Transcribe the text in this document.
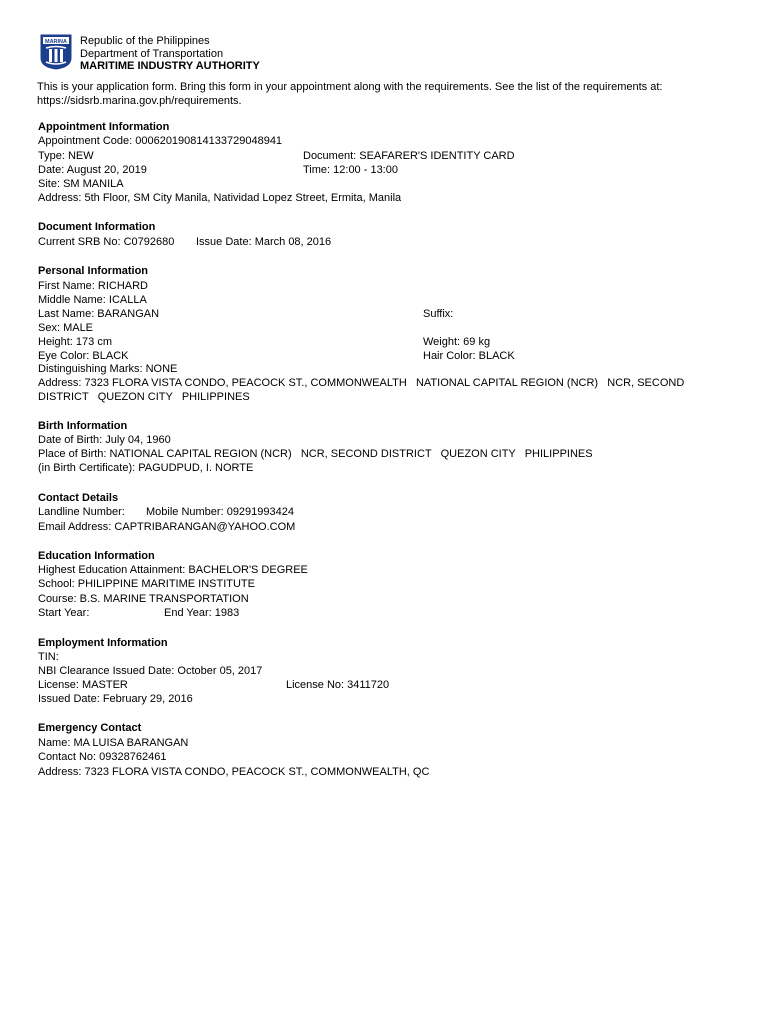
MARINA Republic of the Philippines
Department of Transportation
MARITIME INDUSTRY AUTHORITY
This is your application form. Bring this form in your appointment along with the requirements. See the list of the requirements at: https://sidsrb.marina.gov.ph/requirements.
Appointment Information
Appointment Code: 000620190814133729048941
Type: NEW	Document: SEAFARER'S IDENTITY CARD
Date: August 20, 2019	Time: 12:00 - 13:00
Site: SM MANILA
Address: 5th Floor, SM City Manila, Natividad Lopez Street, Ermita, Manila
Document Information
Current SRB No: C0792680 Issue Date: March 08, 2016
Personal Information
First Name: RICHARD
Middle Name: ICALLA
Last Name: BARANGAN	Suffix:
Sex: MALE
Height: 173 cm	Weight: 69 kg
Eye Color: BLACK	Hair Color: BLACK
Distinguishing Marks: NONE
Address: 7323 FLORA VISTA CONDO, PEACOCK ST., COMMONWEALTH   NATIONAL CAPITAL REGION (NCR)   NCR, SECOND DISTRICT   QUEZON CITY   PHILIPPINES
Birth Information
Date of Birth: July 04, 1960
Place of Birth: NATIONAL CAPITAL REGION (NCR)   NCR, SECOND DISTRICT   QUEZON CITY   PHILIPPINES
(in Birth Certificate): PAGUDPUD, I. NORTE
Contact Details
Landline Number: Mobile Number: 09291993424
Email Address: CAPTRIBARANGAN@YAHOO.COM
Education Information
Highest Education Attainment: BACHELOR'S DEGREE
School: PHILIPPINE MARITIME INSTITUTE
Course: B.S. MARINE TRANSPORTATION
Start Year:	End Year: 1983
Employment Information
TIN:
NBI Clearance Issued Date: October 05, 2017
License: MASTER	License No: 3411720
Issued Date: February 29, 2016
Emergency Contact
Name: MA LUISA BARANGAN
Contact No: 09328762461
Address: 7323 FLORA VISTA CONDO, PEACOCK ST., COMMONWEALTH, QC
